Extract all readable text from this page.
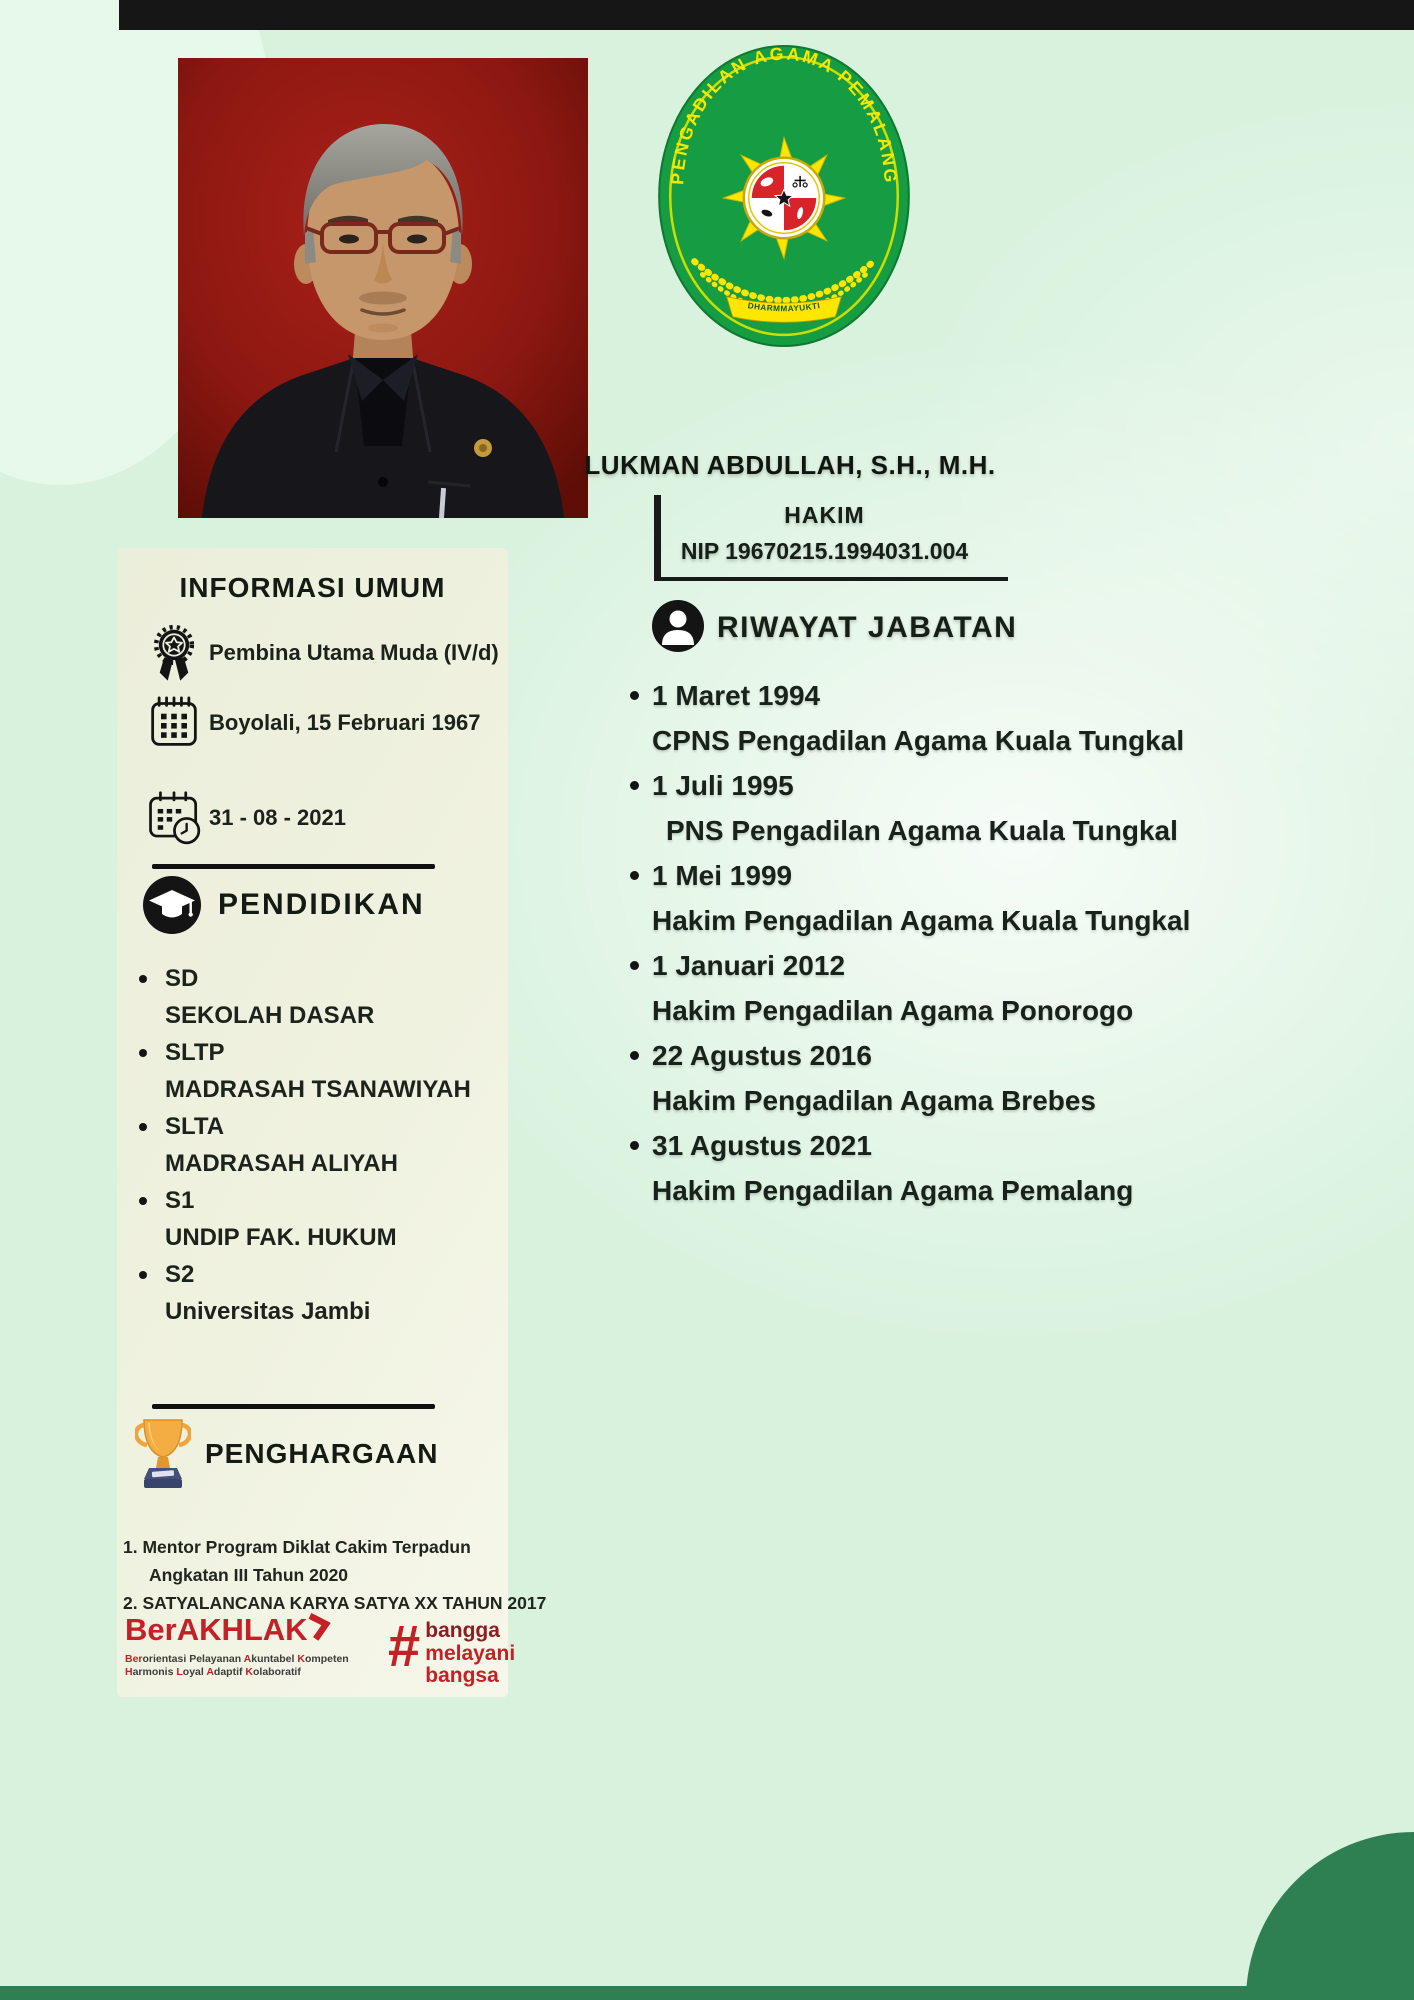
PENGADILAN AGAMA PEMALANG
DHARMMAYUKTI
LUKMAN ABDULLAH, S.H., M.H.
HAKIM
NIP 19670215.1994031.004
RIWAYAT JABATAN
1 Maret 1994
CPNS Pengadilan Agama Kuala Tungkal
1 Juli 1995
PNS Pengadilan Agama Kuala Tungkal
1 Mei 1999
Hakim Pengadilan Agama Kuala Tungkal
1 Januari 2012
Hakim Pengadilan Agama Ponorogo
22 Agustus 2016
Hakim Pengadilan Agama Brebes
31 Agustus 2021
Hakim Pengadilan Agama Pemalang
INFORMASI UMUM
Pembina Utama Muda (IV/d)
Boyolali, 15 Februari 1967
31 - 08 - 2021
PENDIDIKAN
SD
SEKOLAH DASAR
SLTP
MADRASAH TSANAWIYAH
SLTA
MADRASAH ALIYAH
S1
UNDIP FAK. HUKUM
S2
Universitas Jambi
PENGHARGAAN
1. Mentor Program Diklat Cakim Terpadun
Angkatan III Tahun 2020
2. SATYALANCANA KARYA SATYA XX TAHUN 2017
BerAKHLAK
Berorientasi Pelayanan Akuntabel Kompeten
Harmonis Loyal Adaptif Kolaboratif	# bangga
melayani
bangsa
